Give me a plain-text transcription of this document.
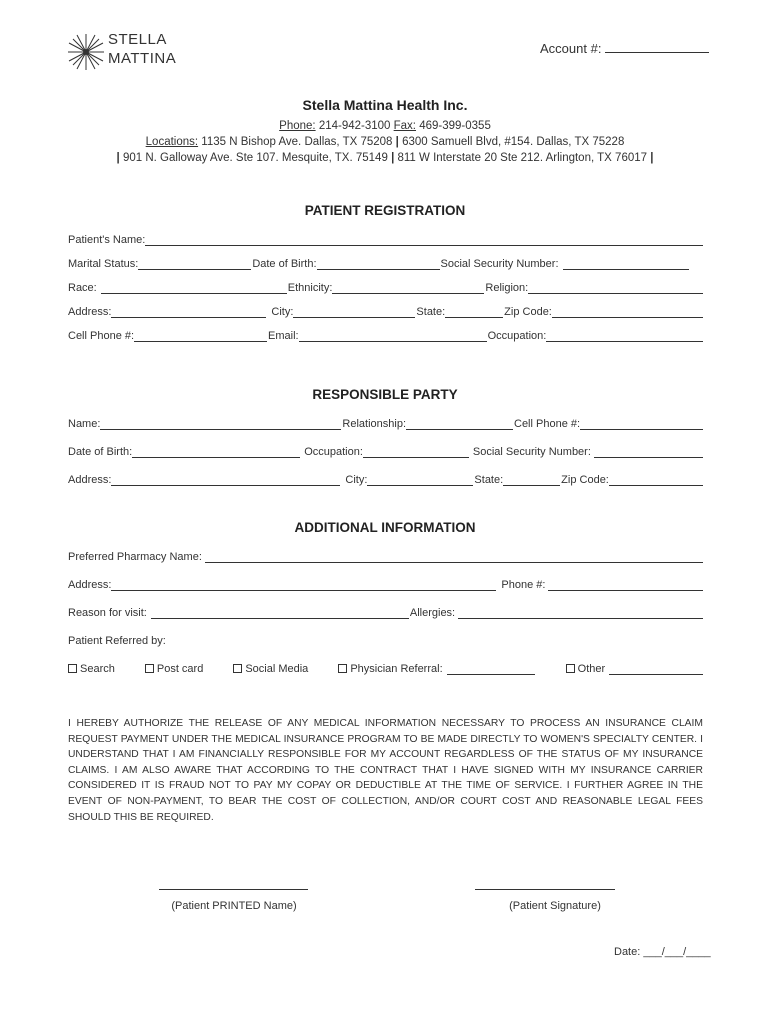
STELLA
MATTINA
Account #:
Stella Mattina Health Inc.
Phone: 214-942-3100 Fax: 469-399-0355
Locations: 1135 N Bishop Ave. Dallas, TX 75208 | 6300 Samuell Blvd, #154. Dallas, TX 75228
| 901 N. Galloway Ave. Ste 107. Mesquite, TX. 75149 | 811 W Interstate 20 Ste 212. Arlington, TX 76017 |
PATIENT REGISTRATION
Patient's Name:
Marital Status:	Date of Birth:	Social Security Number:
Race:	Ethnicity:	Religion:
Address:	City:	State:	Zip Code:
Cell Phone #:	Email:	Occupation:
RESPONSIBLE PARTY
Name:	Relationship:	Cell Phone #:
Date of Birth:	Occupation:	Social Security Number:
Address:	City:	State:	Zip Code:
ADDITIONAL INFORMATION
Preferred Pharmacy Name:
Address:	Phone #:
Reason for visit:	Allergies:
Patient Referred by:
Search	Post card	Social Media	Physician Referral:	Other
I HEREBY AUTHORIZE THE RELEASE OF ANY MEDICAL INFORMATION NECESSARY TO PROCESS AN INSURANCE CLAIM REQUEST PAYMENT UNDER THE MEDICAL INSURANCE PROGRAM TO BE MADE DIRECTLY TO WOMEN'S SPECIALTY CENTER. I UNDERSTAND THAT I AM FINANCIALLY RESPONSIBLE FOR MY ACCOUNT REGARDLESS OF THE STATUS OF MY INSURANCE CLAIMS. I AM ALSO AWARE THAT ACCORDING TO THE CONTRACT THAT I HAVE SIGNED WITH MY INSURANCE CARRIER CONSIDERED IT IS FRAUD NOT TO PAY MY COPAY OR DEDUCTIBLE AT THE TIME OF SERVICE. I FURTHER AGREE IN THE EVENT OF NON-PAYMENT, TO BEAR THE COST OF COLLECTION, AND/OR COURT COST AND REASONABLE LEGAL FEES SHOULD THIS BE REQUIRED.
(Patient PRINTED Name)	(Patient Signature)
Date: ___/___/____
